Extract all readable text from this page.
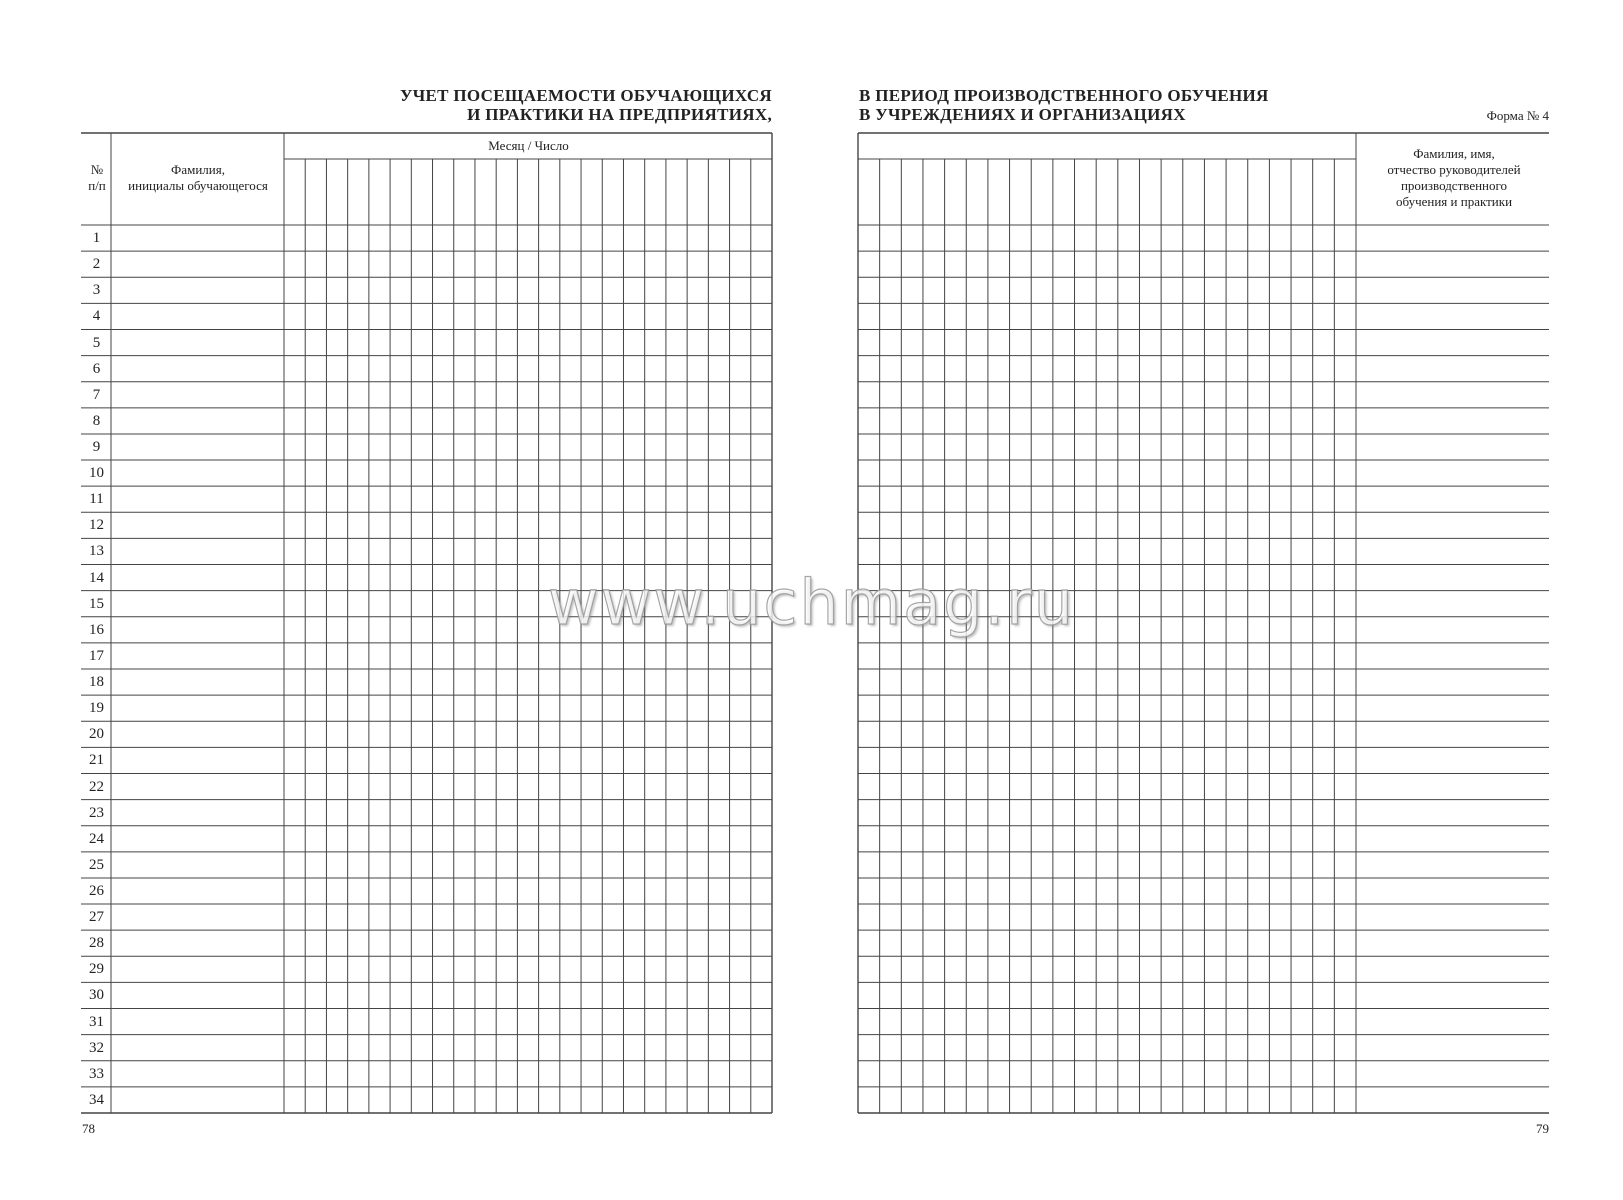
УЧЕТ ПОСЕЩАЕМОСТИ ОБУЧАЮЩИХСЯ
И ПРАКТИКИ НА ПРЕДПРИЯТИЯХ,
В ПЕРИОД ПРОИЗВОДСТВЕННОГО ОБУЧЕНИЯ
В УЧРЕЖДЕНИЯХ И ОРГАНИЗАЦИЯХ	Форма № 4
№
п/п
Фамилия,
инициалы обучающегося
Месяц / Число
Фамилия, имя,
отчество руководителей
производственного
обучения и практики
1
2
3
4
5
6
7
8
9
10
11
12
13
14
15
16
17
18
19
20
21
22
23
24
25
26
27
28
29
30
31
32
33
34
www.uchmag.ru
78	79
